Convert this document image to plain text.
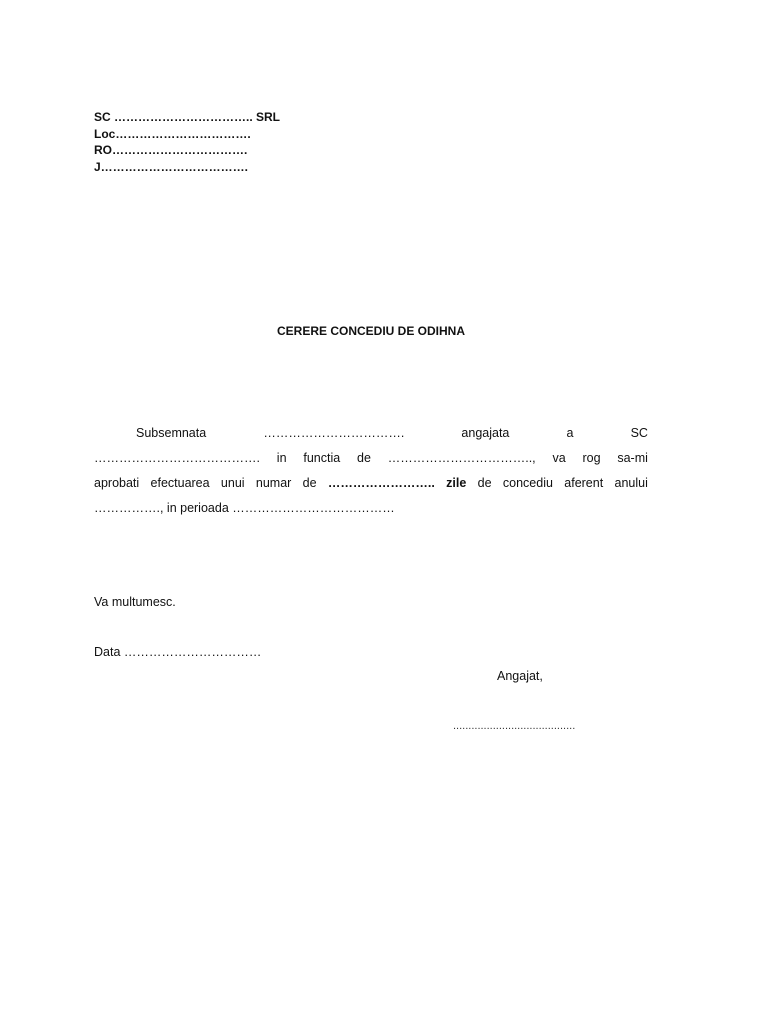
SC …………………………….. SRL
Loc…………………………….
RO…………………………….
J……………………………….
CERERE CONCEDIU DE ODIHNA
Subsemnata	…………………………….	angajata	a	SC
…………………………………. in functia de …………………………….., va rog sa-mi
aprobati efectuarea unui numar de …………………….. zile de concediu aferent anului
……………., in perioada …………………………………
Va multumesc.
Data ……………………………
Angajat,
........................................
